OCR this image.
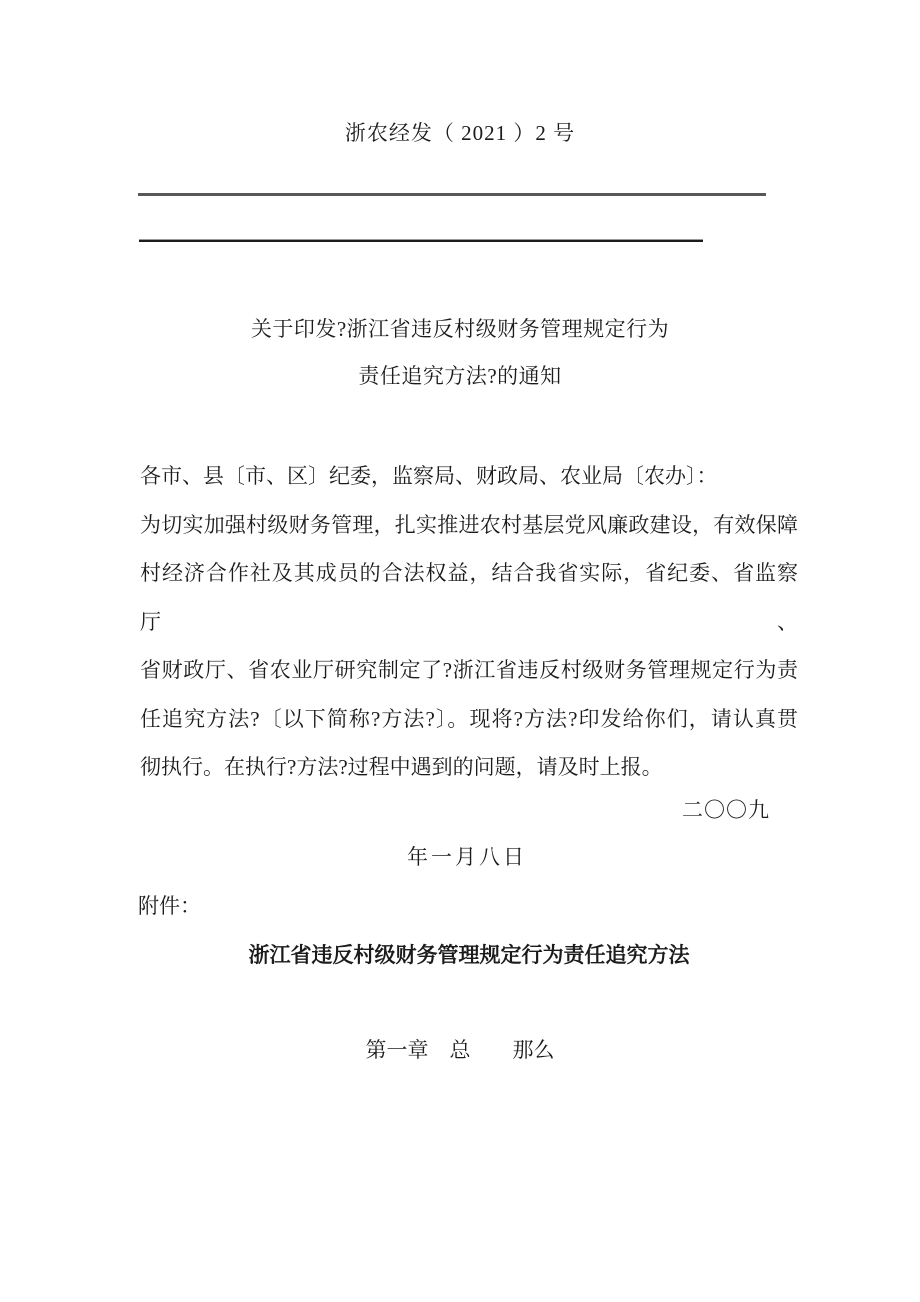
浙农经发（ 2021 ）2 号
关于印发?浙江省违反村级财务管理规定行为
责任追究方法?的通知
各市、县〔市、区〕纪委，监察局、财政局、农业局〔农办〕：
为切实加强村级财务管理，扎实推进农村基层党风廉政建设，有效保障
村经济合作社及其成员的合法权益，结合我省实际，省纪委、省监察厅、
省财政厅、省农业厅研究制定了?浙江省违反村级财务管理规定行为责
任追究方法?〔以下简称?方法?〕。现将?方法?印发给你们，请认真贯
彻执行。在执行?方法?过程中遇到的问题，请及时上报。
二〇〇九
年一月八日
附件：
浙江省违反村级财务管理规定行为责任追究方法
第一章　总　　那么
